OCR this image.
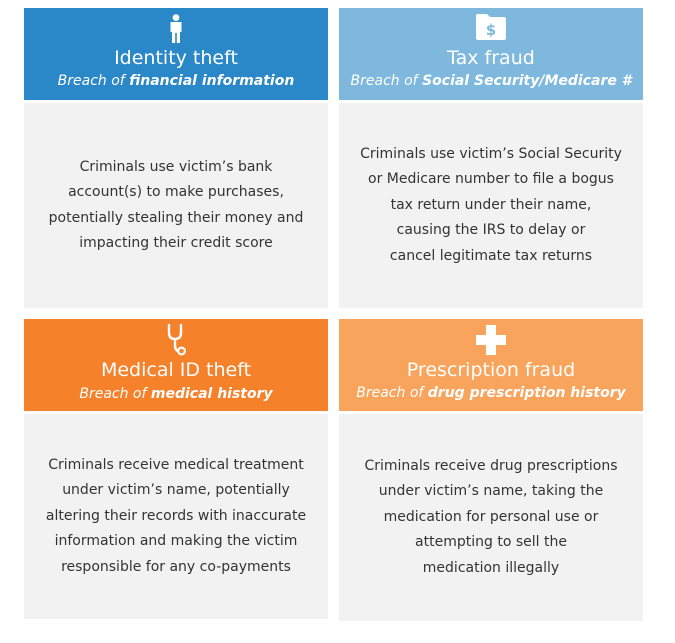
Identity theft
Breach of financial information

Criminals use victim’s bank
account(s) to make purchases,
potentially stealing their money and
impacting their credit score

$
Tax fraud
Breach of Social Security/Medicare #

Criminals use victim’s Social Security
or Medicare number to file a bogus
tax return under their name,
causing the IRS to delay or
cancel legitimate tax returns

Medical ID theft
Breach of medical history

Criminals receive medical treatment
under victim’s name, potentially
altering their records with inaccurate
information and making the victim
responsible for any co-payments

Prescription fraud
Breach of drug prescription history

Criminals receive drug prescriptions
under victim’s name, taking the
medication for personal use or
attempting to sell the
medication illegally
